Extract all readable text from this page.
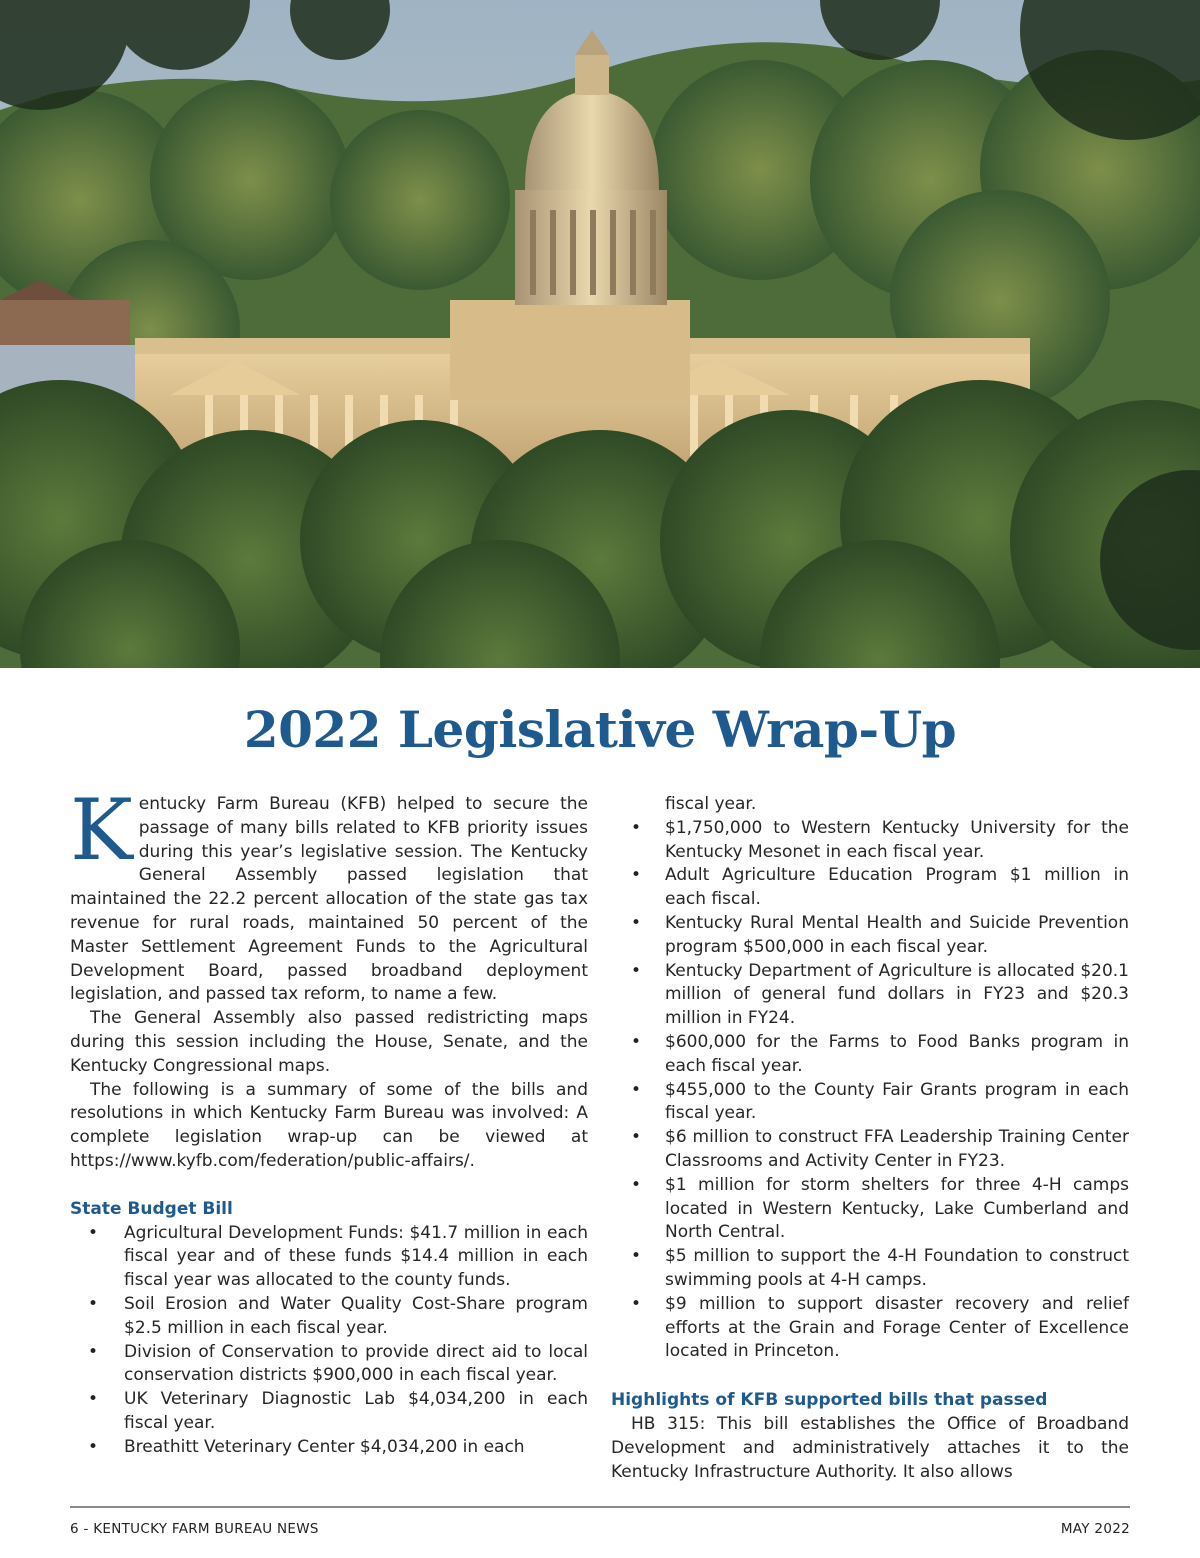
2022 Legislative Wrap-Up

Kentucky Farm Bureau (KFB) helped to secure the passage of many bills related to KFB priority issues during this year’s legislative session. The Kentucky General Assembly passed legislation that maintained the 22.2 percent allocation of the state gas tax revenue for rural roads, maintained 50 percent of the Master Settlement Agreement Funds to the Agricultural Development Board, passed broadband deployment legislation, and passed tax reform, to name a few.

The General Assembly also passed redistricting maps during this session including the House, Senate, and the Kentucky Congressional maps.

The following is a summary of some of the bills and resolutions in which Kentucky Farm Bureau was involved: A complete legislation wrap-up can be viewed at https://www.kyfb.com/federation/public-affairs/.

State Budget Bill
• Agricultural Development Funds: $41.7 million in each fiscal year and of these funds $14.4 million in each fiscal year was allocated to the county funds.
• Soil Erosion and Water Quality Cost-Share program $2.5 million in each fiscal year.
• Division of Conservation to provide direct aid to local conservation districts $900,000 in each fiscal year.
• UK Veterinary Diagnostic Lab $4,034,200 in each fiscal year.
• Breathitt Veterinary Center $4,034,200 in each
fiscal year.
• $1,750,000 to Western Kentucky University for the Kentucky Mesonet in each fiscal year.
• Adult Agriculture Education Program $1 million in each fiscal.
• Kentucky Rural Mental Health and Suicide Prevention program $500,000 in each fiscal year.
• Kentucky Department of Agriculture is allocated $20.1 million of general fund dollars in FY23 and $20.3 million in FY24.
• $600,000 for the Farms to Food Banks program in each fiscal year.
• $455,000 to the County Fair Grants program in each fiscal year.
• $6 million to construct FFA Leadership Training Center Classrooms and Activity Center in FY23.
• $1 million for storm shelters for three 4-H camps located in Western Kentucky, Lake Cumberland and North Central.
• $5 million to support the 4-H Foundation to construct swimming pools at 4-H camps.
• $9 million to support disaster recovery and relief efforts at the Grain and Forage Center of Excellence located in Princeton.
Highlights of KFB supported bills that passed

HB 315: This bill establishes the Office of Broadband Development and administratively attaches it to the Kentucky Infrastructure Authority. It also allows

6 - KENTUCKY FARM BUREAU NEWS	MAY 2022
